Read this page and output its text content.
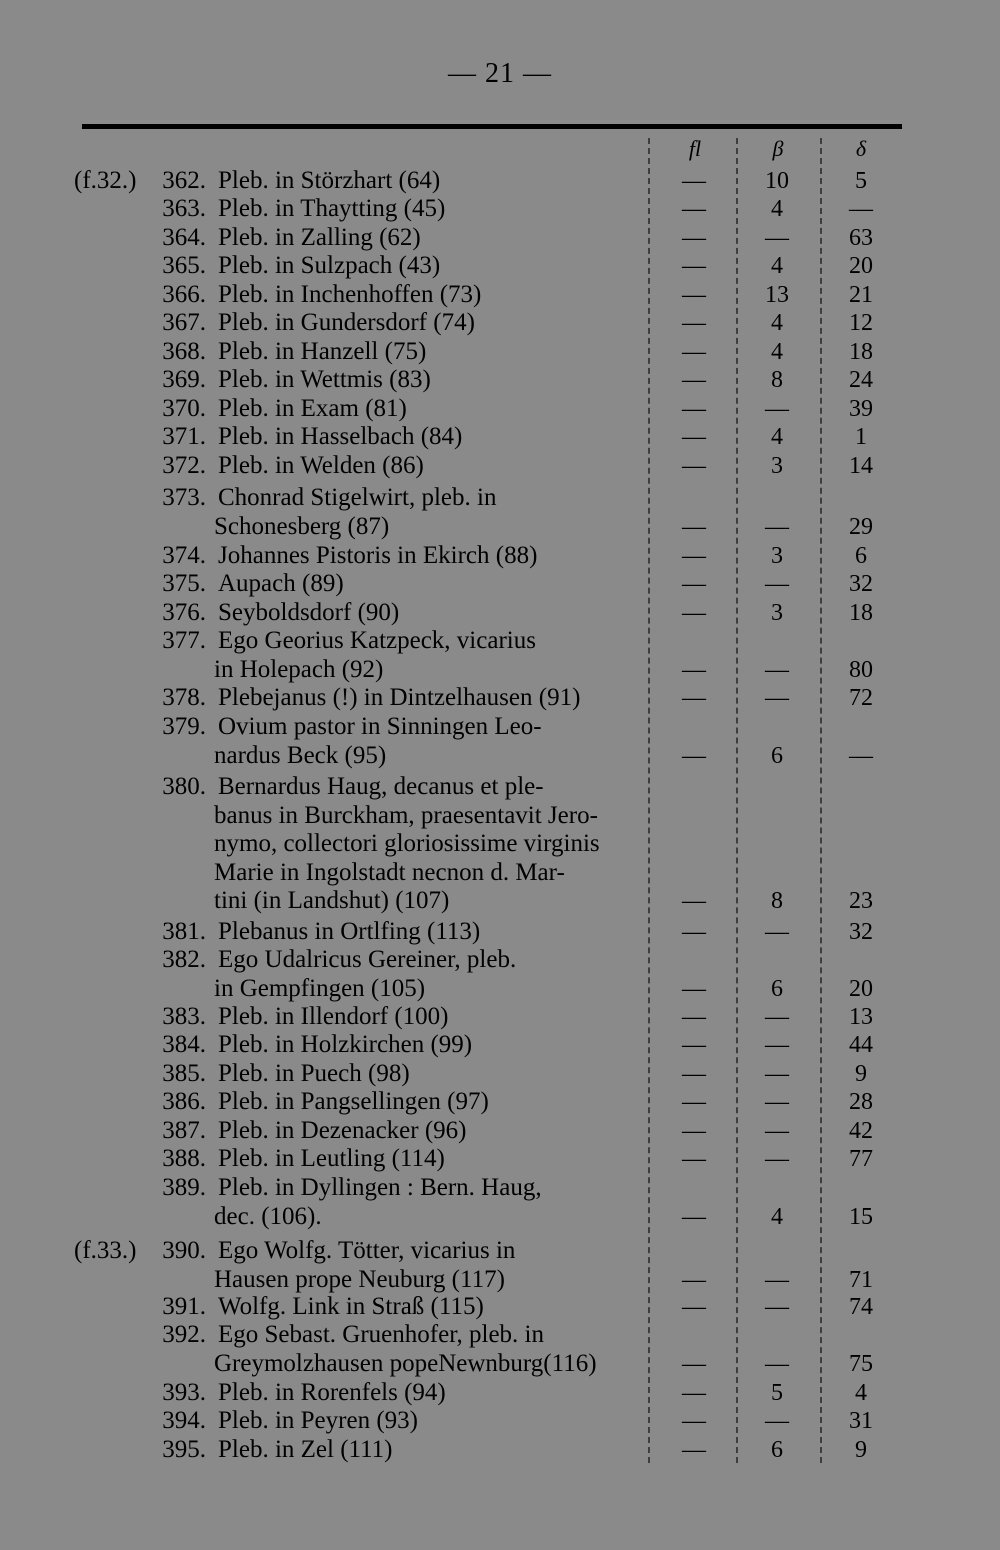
— 21 —
fl	β	δ
(f.32.)	362. Pleb. in Störzhart (64)	—	10	5
363. Pleb. in Thaytting (45)	—	4	—
364. Pleb. in Zalling (62)	—	—	63
365. Pleb. in Sulzpach (43)	—	4	20
366. Pleb. in Inchenhoffen (73)	—	13	21
367. Pleb. in Gundersdorf (74)	—	4	12
368. Pleb. in Hanzell (75)	—	4	18
369. Pleb. in Wettmis (83)	—	8	24
370. Pleb. in Exam (81)	—	—	39
371. Pleb. in Hasselbach (84)	—	4	1
372. Pleb. in Welden (86)	—	3	14
373. Chonrad Stigelwirt, pleb. in
Schonesberg (87)	—	—	29
374. Johannes Pistoris in Ekirch (88)	—	3	6
375. Aupach (89)	—	—	32
376. Seyboldsdorf (90)	—	3	18
377. Ego Georius Katzpeck, vicarius
in Holepach (92)	—	—	80
378. Plebejanus (!) in Dintzelhausen (91)	—	—	72
379. Ovium pastor in Sinningen Leo-
nardus Beck (95)	—	6	—
380. Bernardus Haug, decanus et ple-
banus in Burckham, praesentavit Jero-
nymo, collectori gloriosissime virginis
Marie in Ingolstadt necnon d. Mar-
tini (in Landshut) (107)	—	8	23
381. Plebanus in Ortlfing (113)	—	—	32
382. Ego Udalricus Gereiner, pleb.
in Gempfingen (105)	—	6	20
383. Pleb. in Illendorf (100)	—	—	13
384. Pleb. in Holzkirchen (99)	—	—	44
385. Pleb. in Puech (98)	—	—	9
386. Pleb. in Pangsellingen (97)	—	—	28
387. Pleb. in Dezenacker (96)	—	—	42
388. Pleb. in Leutling (114)	—	—	77
389. Pleb. in Dyllingen : Bern. Haug,
dec. (106).	—	4	15
(f.33.)	390. Ego Wolfg. Tötter, vicarius in
Hausen prope Neuburg (117)	—	—	71
391. Wolfg. Link in Straß (115)	—	—	74
392. Ego Sebast. Gruenhofer, pleb. in
Greymolzhausen popeNewnburg(116)	—	—	75
393. Pleb. in Rorenfels (94)	—	5	4
394. Pleb. in Peyren (93)	—	—	31
395. Pleb. in Zel (111)	—	6	9
